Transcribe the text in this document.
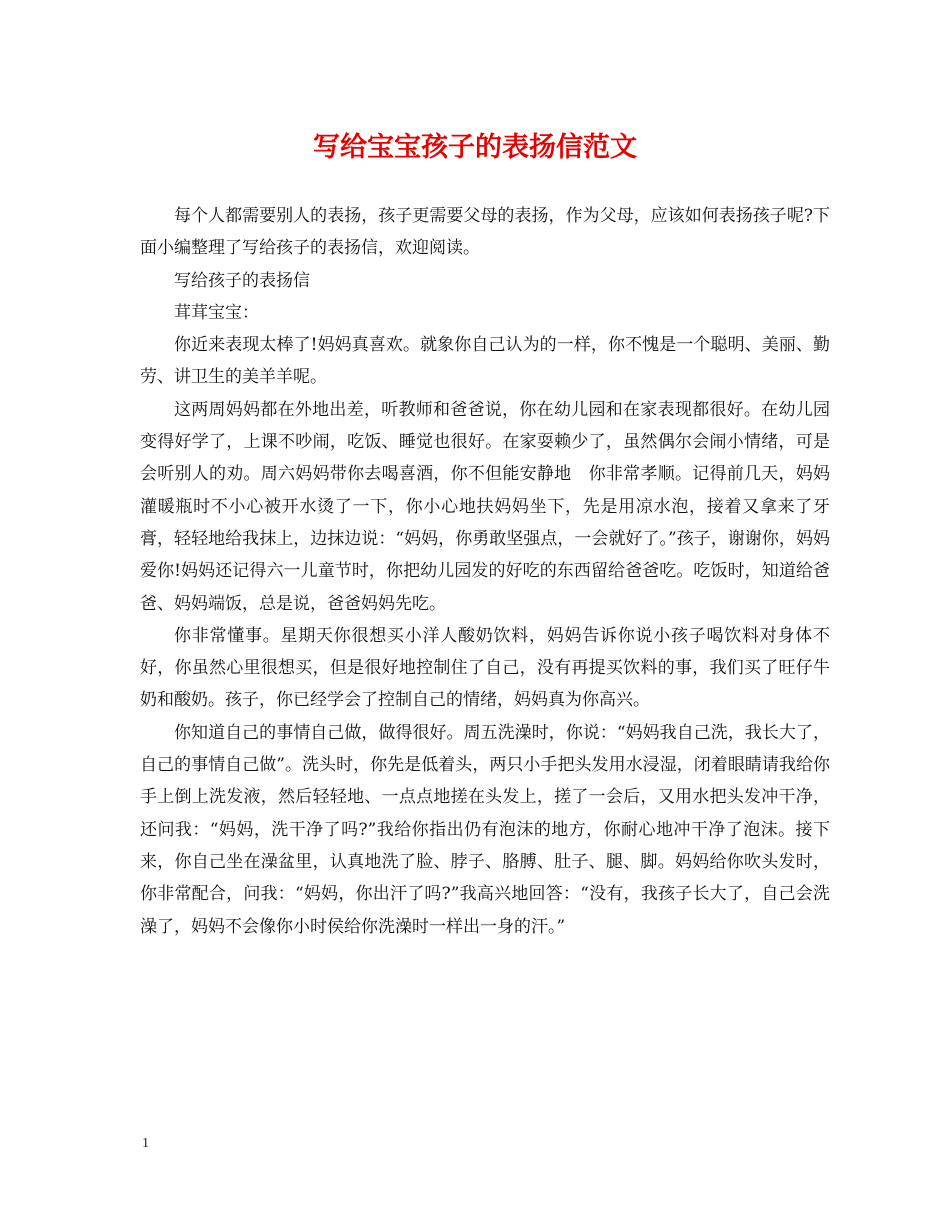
写给宝宝孩子的表扬信范文

每个人都需要别人的表扬，孩子更需要父母的表扬，作为父母，应该如何表扬孩子呢?下面小编整理了写给孩子的表扬信，欢迎阅读。

写给孩子的表扬信

茸茸宝宝：

你近来表现太棒了!妈妈真喜欢。就象你自己认为的一样，你不愧是一个聪明、美丽、勤劳、讲卫生的美羊羊呢。

这两周妈妈都在外地出差，听教师和爸爸说，你在幼儿园和在家表现都很好。在幼儿园变得好学了，上课不吵闹，吃饭、睡觉也很好。在家耍赖少了，虽然偶尔会闹小情绪，可是会听别人的劝。周六妈妈带你去喝喜酒，你不但能安静地　你非常孝顺。记得前几天，妈妈灌暖瓶时不小心被开水烫了一下，你小心地扶妈妈坐下，先是用凉水泡，接着又拿来了牙膏，轻轻地给我抹上，边抹边说：“妈妈，你勇敢坚强点，一会就好了。”孩子，谢谢你，妈妈爱你!妈妈还记得六一儿童节时，你把幼儿园发的好吃的东西留给爸爸吃。吃饭时，知道给爸爸、妈妈端饭，总是说，爸爸妈妈先吃。

你非常懂事。星期天你很想买小洋人酸奶饮料，妈妈告诉你说小孩子喝饮料对身体不好，你虽然心里很想买，但是很好地控制住了自己，没有再提买饮料的事，我们买了旺仔牛奶和酸奶。孩子，你已经学会了控制自己的情绪，妈妈真为你高兴。

你知道自己的事情自己做，做得很好。周五洗澡时，你说：“妈妈我自己洗，我长大了，自己的事情自己做”。洗头时，你先是低着头，两只小手把头发用水浸湿，闭着眼睛请我给你手上倒上洗发液，然后轻轻地、一点点地搓在头发上，搓了一会后，又用水把头发冲干净，还问我：“妈妈，洗干净了吗?”我给你指出仍有泡沫的地方，你耐心地冲干净了泡沫。接下来，你自己坐在澡盆里，认真地洗了脸、脖子、胳膊、肚子、腿、脚。妈妈给你吹头发时，你非常配合，问我：“妈妈，你出汗了吗?”我高兴地回答：“没有，我孩子长大了，自己会洗澡了，妈妈不会像你小时侯给你洗澡时一样出一身的汗。”

1
